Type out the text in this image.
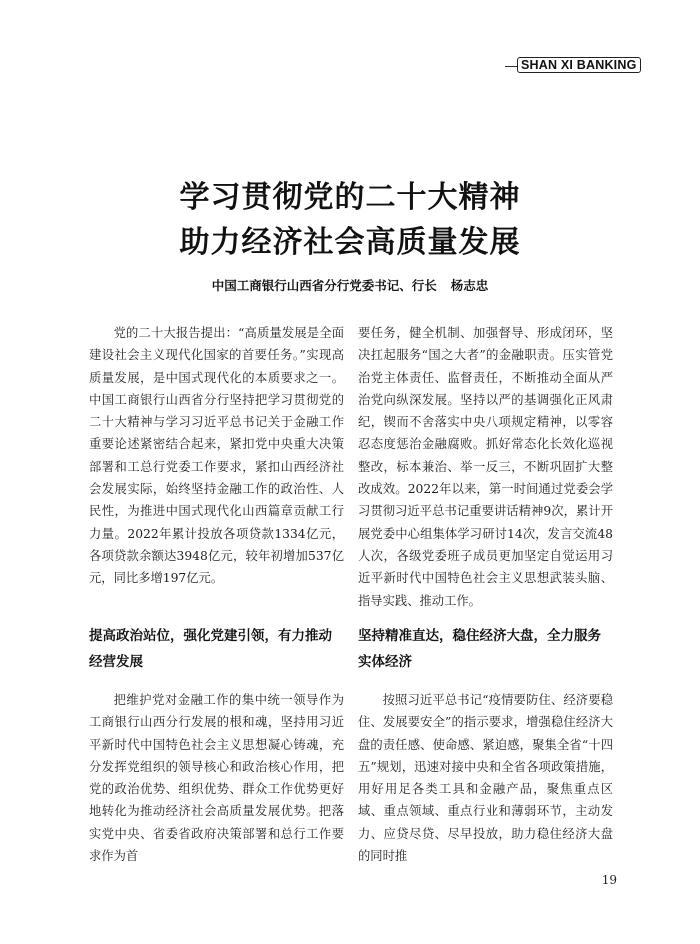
SHAN XI BANKING
学习贯彻党的二十大精神
助力经济社会高质量发展
中国工商银行山西省分行党委书记、行长 杨志忠

党的二十大报告提出：“高质量发展是全面建设社会主义现代化国家的首要任务。”实现高质量发展，是中国式现代化的本质要求之一。中国工商银行山西省分行坚持把学习贯彻党的二十大精神与学习习近平总书记关于金融工作重要论述紧密结合起来，紧扣党中央重大决策部署和工总行党委工作要求，紧扣山西经济社会发展实际，始终坚持金融工作的政治性、人民性，为推进中国式现代化山西篇章贡献工行力量。2022年累计投放各项贷款1334亿元，各项贷款余额达3948亿元，较年初增加537亿元，同比多增197亿元。

要任务，健全机制、加强督导、形成闭环，坚决扛起服务“国之大者”的金融职责。压实管党治党主体责任、监督责任，不断推动全面从严治党向纵深发展。坚持以严的基调强化正风肃纪，锲而不舍落实中央八项规定精神，以零容忍态度惩治金融腐败。抓好常态化长效化巡视整改，标本兼治、举一反三，不断巩固扩大整改成效。2022年以来，第一时间通过党委会学习贯彻习近平总书记重要讲话精神9次，累计开展党委中心组集体学习研讨14次，发言交流48人次，各级党委班子成员更加坚定自觉运用习近平新时代中国特色社会主义思想武装头脑、指导实践、推动工作。

提高政治站位，强化党建引领，有力推动经营发展
坚持精准直达，稳住经济大盘，全力服务实体经济

把维护党对金融工作的集中统一领导作为工商银行山西分行发展的根和魂，坚持用习近平新时代中国特色社会主义思想凝心铸魂，充分发挥党组织的领导核心和政治核心作用，把党的政治优势、组织优势、群众工作优势更好地转化为推动经济社会高质量发展优势。把落实党中央、省委省政府决策部署和总行工作要求作为首

按照习近平总书记“疫情要防住、经济要稳住、发展要安全”的指示要求，增强稳住经济大盘的责任感、使命感、紧迫感，聚集全省“十四五”规划，迅速对接中央和全省各项政策措施，用好用足各类工具和金融产品，聚焦重点区域、重点领域、重点行业和薄弱环节，主动发力、应贷尽贷、尽早投放，助力稳住经济大盘的同时推

19
